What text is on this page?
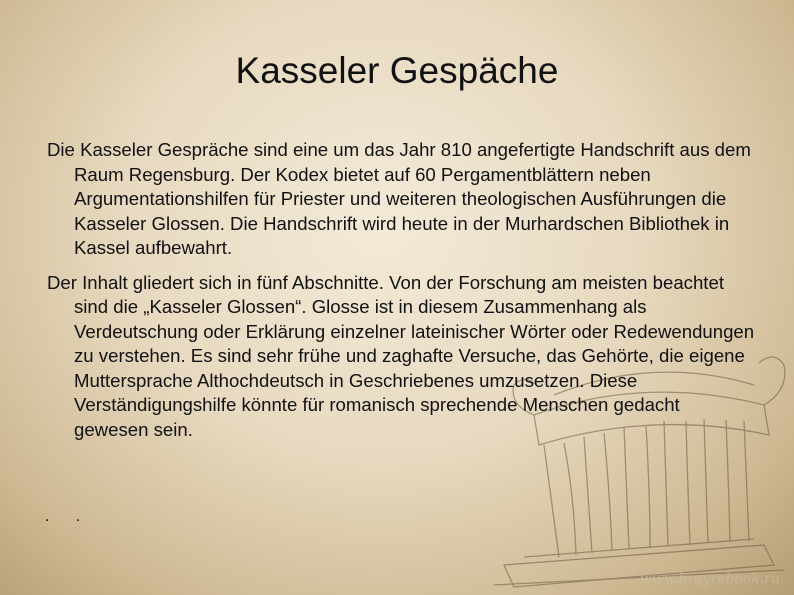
Kasseler Gespäche

Die Kasseler Gespräche sind eine um das Jahr 810 angefertigte Handschrift aus dem Raum Regensburg. Der Kodex bietet auf 60 Pergamentblättern neben Argumentationshilfen für Priester und weiteren theologischen Ausführungen die Kasseler Glossen. Die Handschrift wird heute in der Murhardschen Bibliothek in Kassel aufbewahrt.

Der Inhalt gliedert sich in fünf Abschnitte. Von der Forschung am meisten beachtet sind die „Kasseler Glossen“. Glosse ist in diesem Zusammenhang als Verdeutschung oder Erklärung einzelner lateinischer Wörter oder Redewendungen zu verstehen. Es sind sehr frühe und zaghafte Versuche, das Gehörte, die eigene Muttersprache Althochdeutsch in Geschriebenes umzusetzen. Diese Verständigungshilfe könnte für romanisch sprechende Menschen gedacht gewesen sein.

. .
www.brayrebook.ru
